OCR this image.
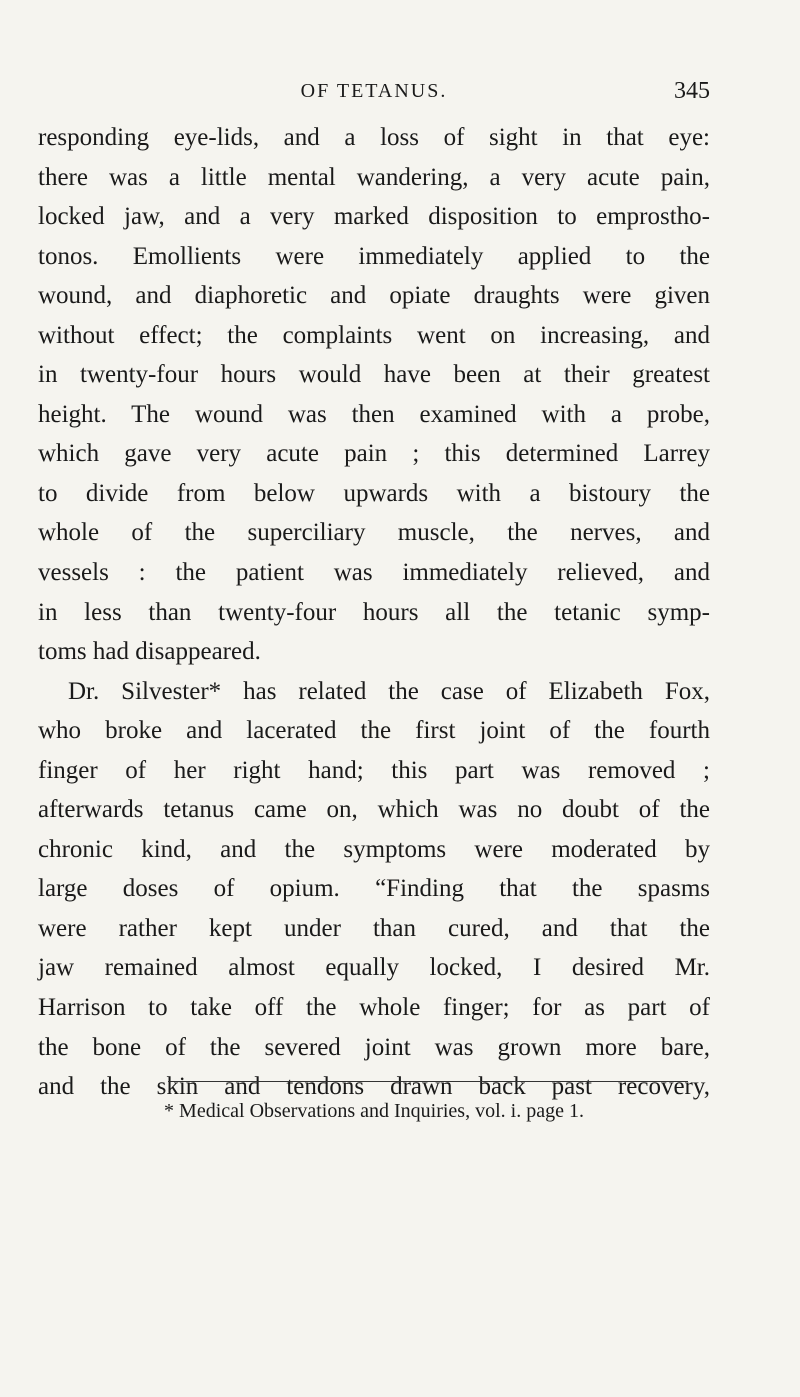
OF TETANUS.	345
responding eye-lids, and a loss of sight in that eye:
there was a little mental wandering, a very acute pain,
locked jaw, and a very marked disposition to emprostho-
tonos. Emollients were immediately applied to the
wound, and diaphoretic and opiate draughts were given
without effect; the complaints went on increasing, and
in twenty-four hours would have been at their greatest
height. The wound was then examined with a probe,
which gave very acute pain ; this determined Larrey
to divide from below upwards with a bistoury the
whole of the superciliary muscle, the nerves, and
vessels : the patient was immediately relieved, and
in less than twenty-four hours all the tetanic symp-
toms had disappeared.
Dr. Silvester* has related the case of Elizabeth Fox,
who broke and lacerated the first joint of the fourth
finger of her right hand; this part was removed ;
afterwards tetanus came on, which was no doubt of the
chronic kind, and the symptoms were moderated by
large doses of opium. “Finding that the spasms
were rather kept under than cured, and that the
jaw remained almost equally locked, I desired Mr.
Harrison to take off the whole finger; for as part of
the bone of the severed joint was grown more bare,
and the skin and tendons drawn back past recovery,
* Medical Observations and Inquiries, vol. i. page 1.
